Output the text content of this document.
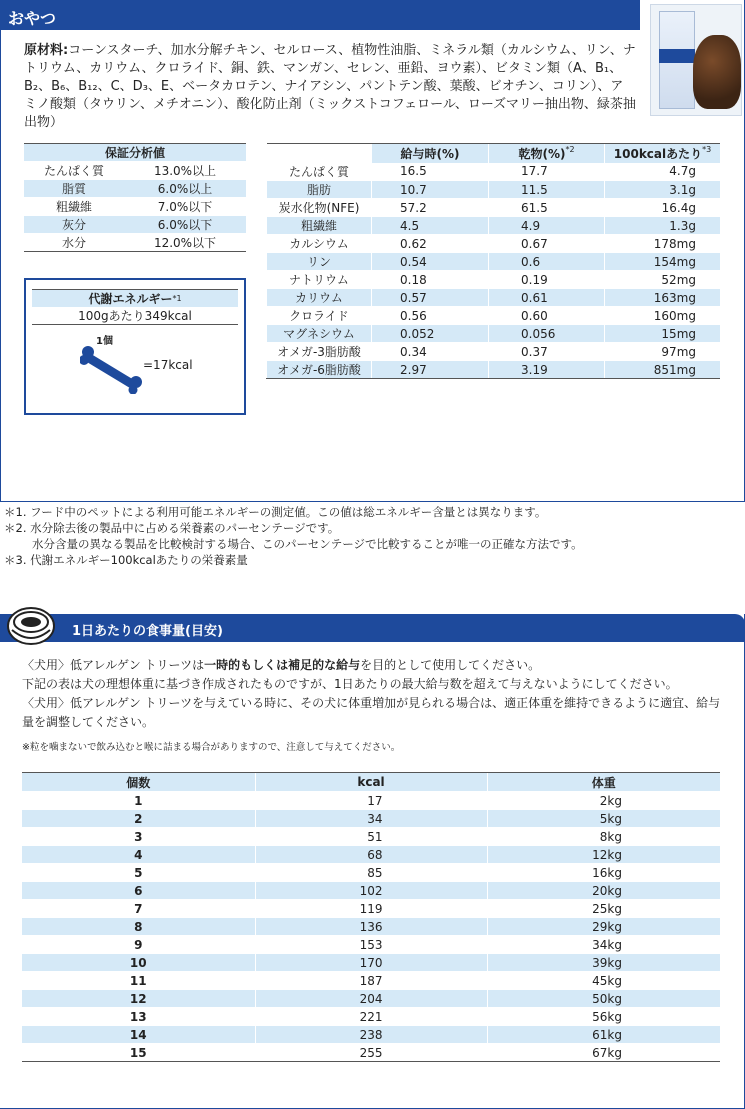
おやつ
原材料:コーンスターチ、加水分解チキン、セルロース、植物性油脂、ミネラル類（カルシウム、リン、ナトリウム、カリウム、クロライド、銅、鉄、マンガン、セレン、亜鉛、ヨウ素）、ビタミン類（A、B₁、B₂、B₆、B₁₂、C、D₃、E、ベータカロテン、ナイアシン、パントテン酸、葉酸、ビオチン、コリン）、アミノ酸類（タウリン、メチオニン）、酸化防止剤（ミックストコフェロール、ローズマリー抽出物、緑茶抽出物）
保証分析値	
たんぱく質	13.0%以上
脂質	6.0%以上
粗繊維	7.0%以下
灰分	6.0%以下
水分	12.0%以下
代謝エネルギー$^{*1}$
100gあたり349kcal
1個
=17kcal
	給与時(%)	乾物(%)$^{*2}$	100kcalあたり$^{*3}$
たんぱく質	16.5	17.7	4.7g
脂肪	10.7	11.5	3.1g
炭水化物(NFE)	57.2	61.5	16.4g
粗繊維	4.5	4.9	1.3g
カルシウム	0.62	0.67	178mg
リン	0.54	0.6	154mg
ナトリウム	0.18	0.19	52mg
カリウム	0.57	0.61	163mg
クロライド	0.56	0.60	160mg
マグネシウム	0.052	0.056	15mg
オメガ-3脂肪酸	0.34	0.37	97mg
オメガ-6脂肪酸	2.97	3.19	851mg
＊1. フード中のペットによる利用可能エネルギーの測定値。この値は総エネルギー含量とは異なります。
＊2. 水分除去後の製品中に占める栄養素のパーセンテージです。
水分含量の異なる製品を比較検討する場合、このパーセンテージで比較することが唯一の正確な方法です。
＊3. 代謝エネルギー100kcalあたりの栄養素量
1日あたりの食事量(目安)
〈犬用〉低アレルゲン トリーツは一時的もしくは補足的な給与を目的として使用してください。
下記の表は犬の理想体重に基づき作成されたものですが、1日あたりの最大給与数を超えて与えないようにしてください。
〈犬用〉低アレルゲン トリーツを与えている時に、その犬に体重増加が見られる場合は、適正体重を維持できるように適宜、給与量を調整してください。
※粒を噛まないで飲み込むと喉に詰まる場合がありますので、注意して与えてください。
個数	kcal	体重
1	17	2kg
2	34	5kg
3	51	8kg
4	68	12kg
5	85	16kg
6	102	20kg
7	119	25kg
8	136	29kg
9	153	34kg
10	170	39kg
11	187	45kg
12	204	50kg
13	221	56kg
14	238	61kg
15	255	67kg
